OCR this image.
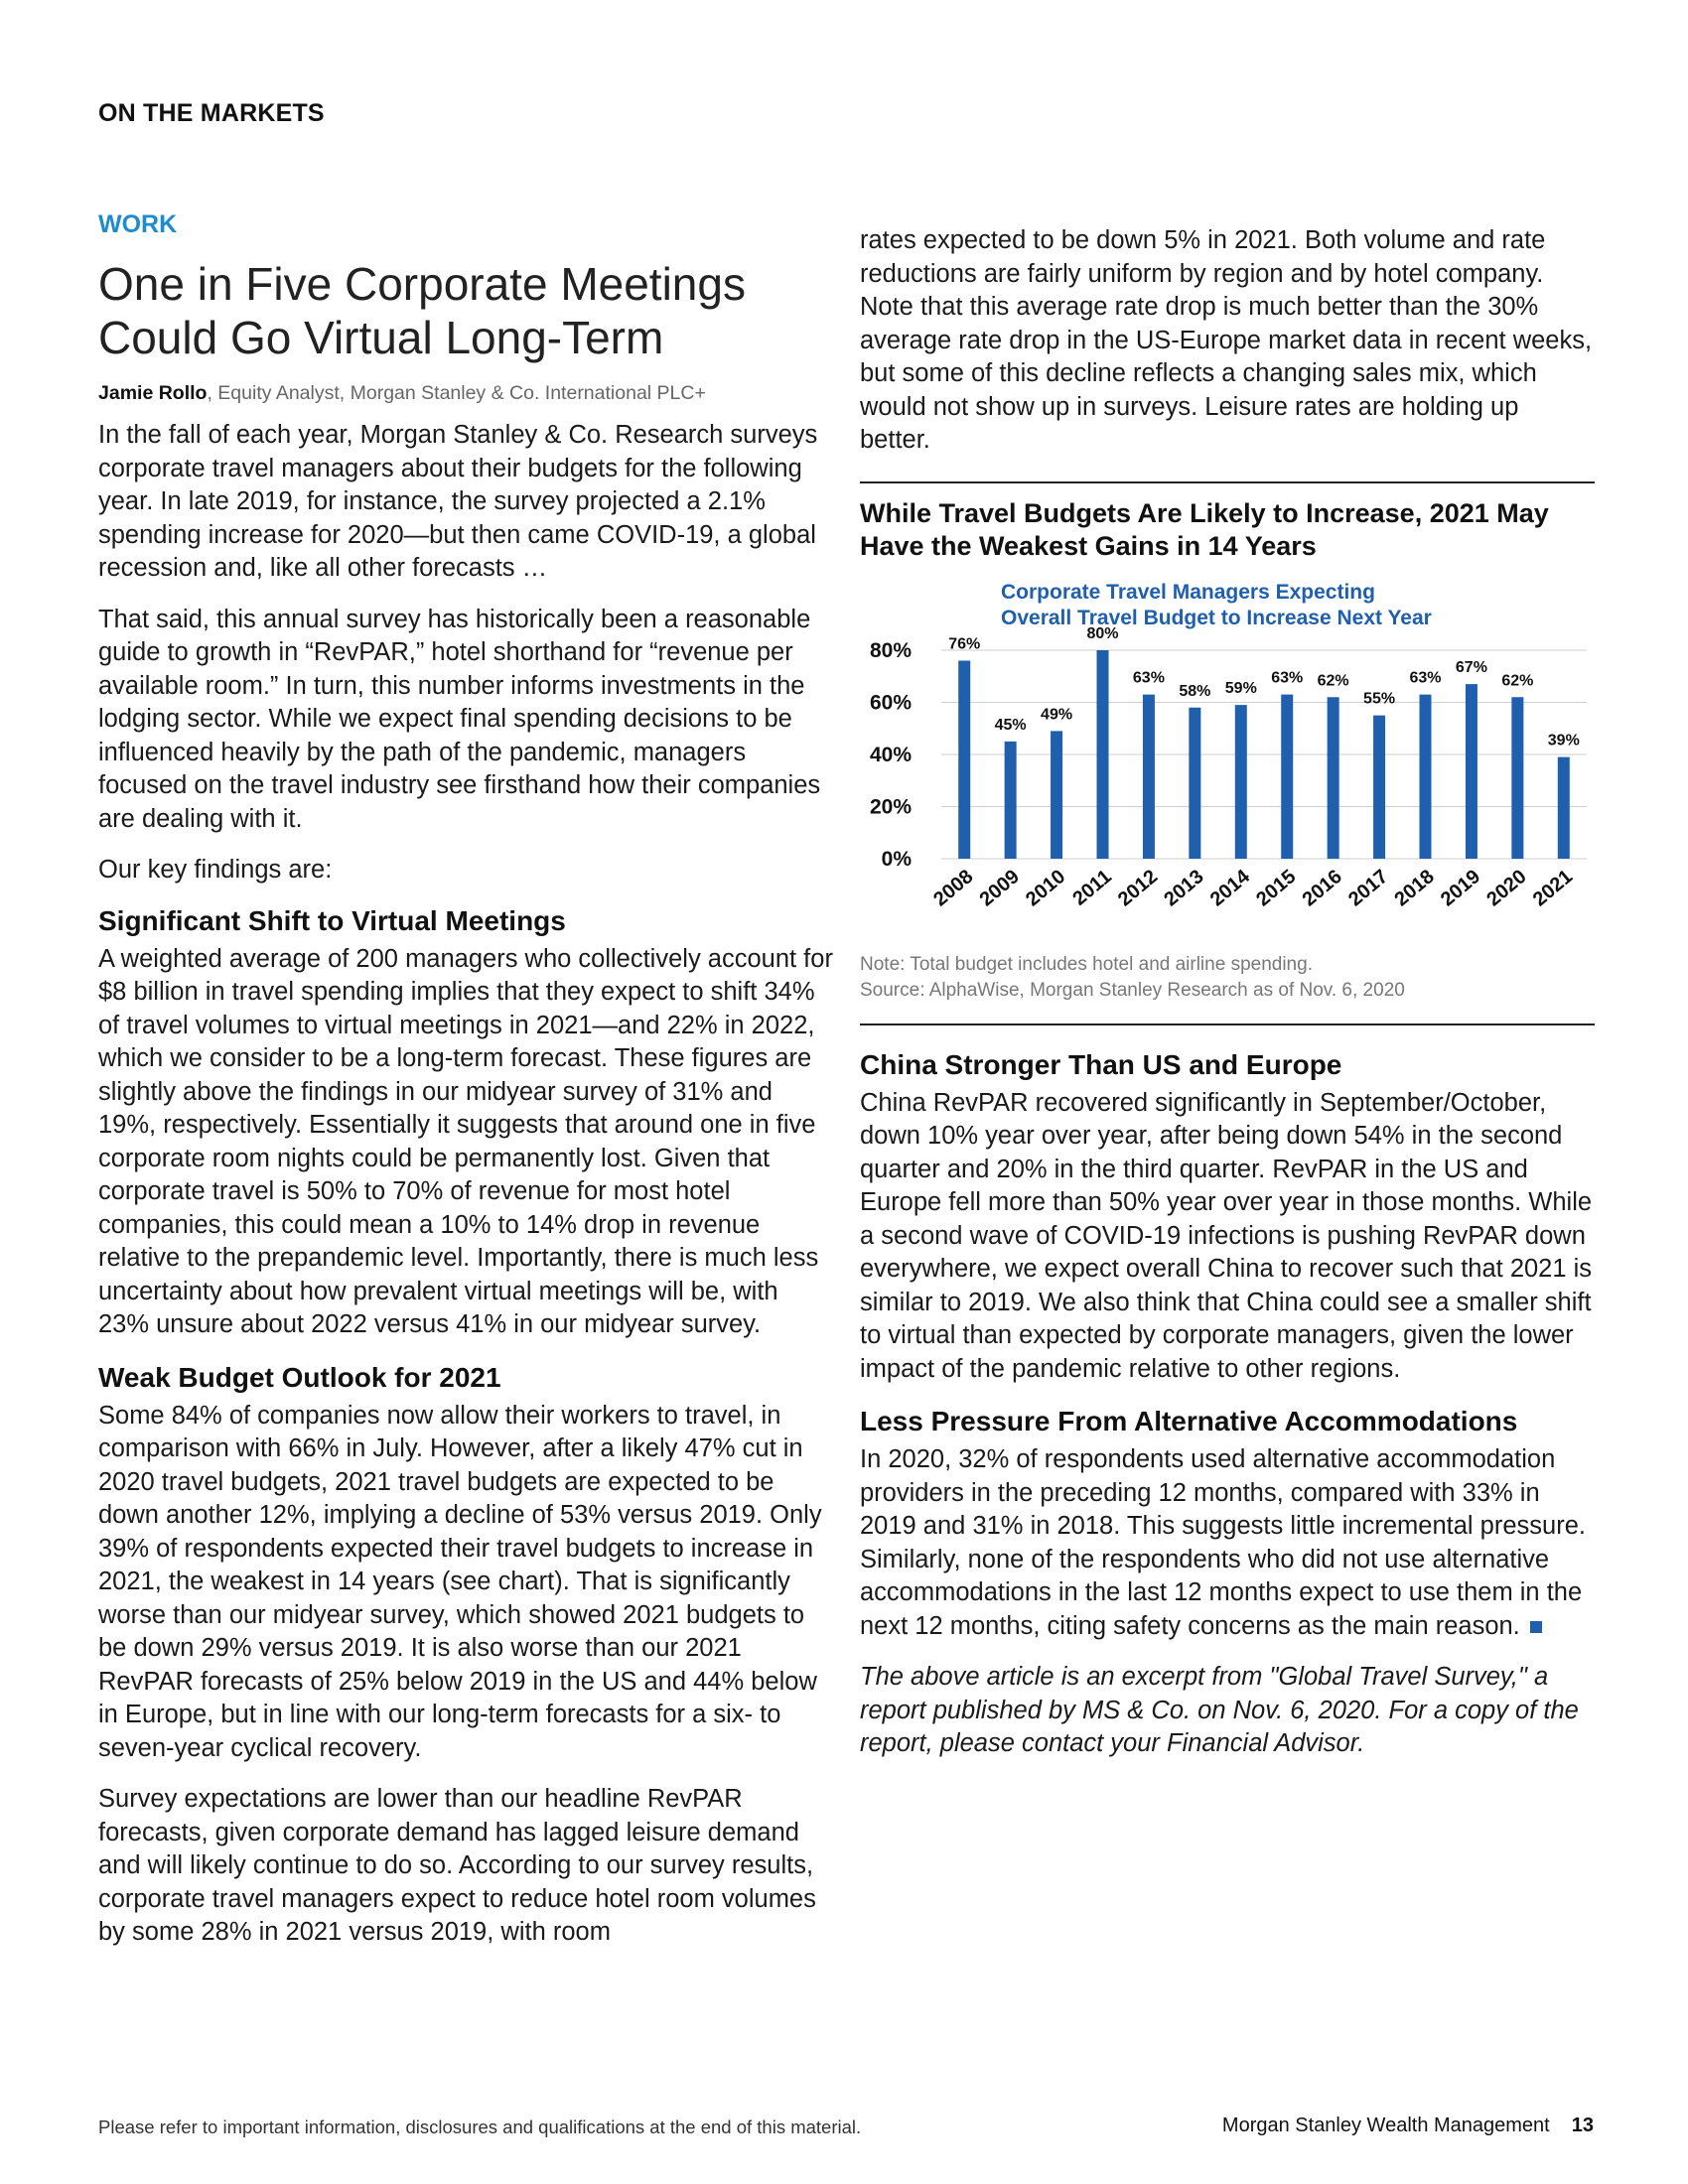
ON THE MARKETS
WORK
One in Five Corporate Meetings Could Go Virtual Long-Term
Jamie Rollo, Equity Analyst, Morgan Stanley & Co. International PLC+

In the fall of each year, Morgan Stanley & Co. Research surveys corporate travel managers about their budgets for the following year. In late 2019, for instance, the survey projected a 2.1% spending increase for 2020—but then came COVID-19, a global recession and, like all other forecasts …

That said, this annual survey has historically been a reasonable guide to growth in “RevPAR,” hotel shorthand for “revenue per available room.” In turn, this number informs investments in the lodging sector. While we expect final spending decisions to be influenced heavily by the path of the pandemic, managers focused on the travel industry see firsthand how their companies are dealing with it.

Our key findings are:

Significant Shift to Virtual Meetings

A weighted average of 200 managers who collectively account for $8 billion in travel spending implies that they expect to shift 34% of travel volumes to virtual meetings in 2021—and 22% in 2022, which we consider to be a long-term forecast. These figures are slightly above the findings in our midyear survey of 31% and 19%, respectively. Essentially it suggests that around one in five corporate room nights could be permanently lost. Given that corporate travel is 50% to 70% of revenue for most hotel companies, this could mean a 10% to 14% drop in revenue relative to the prepandemic level. Importantly, there is much less uncertainty about how prevalent virtual meetings will be, with 23% unsure about 2022 versus 41% in our midyear survey.

Weak Budget Outlook for 2021

Some 84% of companies now allow their workers to travel, in comparison with 66% in July. However, after a likely 47% cut in 2020 travel budgets, 2021 travel budgets are expected to be down another 12%, implying a decline of 53% versus 2019. Only 39% of respondents expected their travel budgets to increase in 2021, the weakest in 14 years (see chart). That is significantly worse than our midyear survey, which showed 2021 budgets to be down 29% versus 2019. It is also worse than our 2021 RevPAR forecasts of 25% below 2019 in the US and 44% below in Europe, but in line with our long-term forecasts for a six- to seven-year cyclical recovery.

Survey expectations are lower than our headline RevPAR forecasts, given corporate demand has lagged leisure demand and will likely continue to do so. According to our survey results, corporate travel managers expect to reduce hotel room volumes by some 28% in 2021 versus 2019, with room

rates expected to be down 5% in 2021. Both volume and rate reductions are fairly uniform by region and by hotel company. Note that this average rate drop is much better than the 30% average rate drop in the US-Europe market data in recent weeks, but some of this decline reflects a changing sales mix, which would not show up in surveys. Leisure rates are holding up better.

While Travel Budgets Are Likely to Increase, 2021 May Have the Weakest Gains in 14 Years
Corporate Travel Managers Expecting
Overall Travel Budget to Increase Next Year
0%
20%
40%
60%
80% 76%
2008
45%
2009
49%
2010
80%
2011
63%
2012
58%
2013
59%
2014
63%
2015
62%
2016
55%
2017
63%
2018
67%
2019
62%
2020
39%
2021
Note: Total budget includes hotel and airline spending.
Source: AlphaWise, Morgan Stanley Research as of Nov. 6, 2020
China Stronger Than US and Europe

China RevPAR recovered significantly in September/October, down 10% year over year, after being down 54% in the second quarter and 20% in the third quarter. RevPAR in the US and Europe fell more than 50% year over year in those months. While a second wave of COVID-19 infections is pushing RevPAR down everywhere, we expect overall China to recover such that 2021 is similar to 2019. We also think that China could see a smaller shift to virtual than expected by corporate managers, given the lower impact of the pandemic relative to other regions.

Less Pressure From Alternative Accommodations

In 2020, 32% of respondents used alternative accommodation providers in the preceding 12 months, compared with 33% in 2019 and 31% in 2018. This suggests little incremental pressure. Similarly, none of the respondents who did not use alternative accommodations in the last 12 months expect to use them in the next 12 months, citing safety concerns as the main reason.

The above article is an excerpt from "Global Travel Survey," a report published by MS & Co. on Nov. 6, 2020. For a copy of the report, please contact your Financial Advisor.

Please refer to important information, disclosures and qualifications at the end of this material.	Morgan Stanley Wealth Management 13
